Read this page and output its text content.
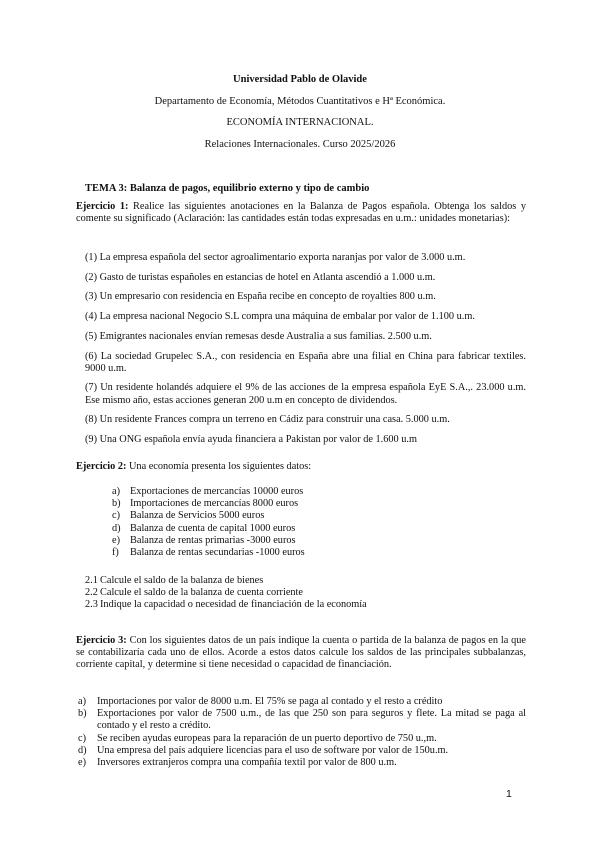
Universidad Pablo de Olavide
Departamento de Economía, Métodos Cuantitativos e Hª Económica.
ECONOMÍA INTERNACIONAL.
Relaciones Internacionales. Curso 2025/2026
TEMA 3: Balanza de pagos, equilibrio externo y tipo de cambio

Ejercicio 1: Realice las siguientes anotaciones en la Balanza de Pagos española. Obtenga los saldos y comente su significado (Aclaración: las cantidades están todas expresadas en u.m.: unidades monetarias):

(1) La empresa española del sector agroalimentario exporta naranjas por valor de 3.000 u.m.
(2) Gasto de turistas españoles en estancias de hotel en Atlanta ascendió a 1.000 u.m.
(3) Un empresario con residencia en España recibe en concepto de royalties 800 u.m.
(4) La empresa nacional Negocio S.L compra una máquina de embalar por valor de 1.100 u.m.
(5) Emigrantes nacionales envían remesas desde Australia a sus familias. 2.500 u.m.
(6) La sociedad Grupelec S.A., con residencia en España abre una filial en China para fabricar textiles. 9000 u.m.
(7) Un residente holandés adquiere el 9% de las acciones de la empresa española EyE S.A.,. 23.000 u.m. Ese mismo año, estas acciones generan 200 u.m en concepto de dividendos.
(8) Un residente Frances compra un terreno en Cádiz para construir una casa. 5.000 u.m.
(9) Una ONG española envía ayuda financiera a Pakistan por valor de 1.600 u.m

Ejercicio 2: Una economía presenta los siguientes datos:

a) Exportaciones de mercancías 10000 euros
b) Importaciones de mercancías 8000 euros
c) Balanza de Servicios 5000 euros
d) Balanza de cuenta de capital 1000 euros
e) Balanza de rentas primarias -3000 euros
f) Balanza de rentas secundarias -1000 euros
2.1 Calcule el saldo de la balanza de bienes
2.2 Calcule el saldo de la balanza de cuenta corriente
2.3 Indique la capacidad o necesidad de financiación de la economía

Ejercicio 3: Con los siguientes datos de un país indique la cuenta o partida de la balanza de pagos en la que se contabilizaría cada uno de ellos. Acorde a estos datos calcule los saldos de las principales subbalanzas, corriente capital, y determine si tiene necesidad o capacidad de financiación.

a) Importaciones por valor de 8000 u.m. El 75% se paga al contado y el resto a crédito
b) Exportaciones por valor de 7500 u.m., de las que 250 son para seguros y flete. La mitad se paga al contado y el resto a crédito.
c) Se reciben ayudas europeas para la reparación de un puerto deportivo de 750 u.,m.
d) Una empresa del país adquiere licencias para el uso de software por valor de 150u.m.
e) Inversores extranjeros compra una compañía textil por valor de 800 u.m.
1
